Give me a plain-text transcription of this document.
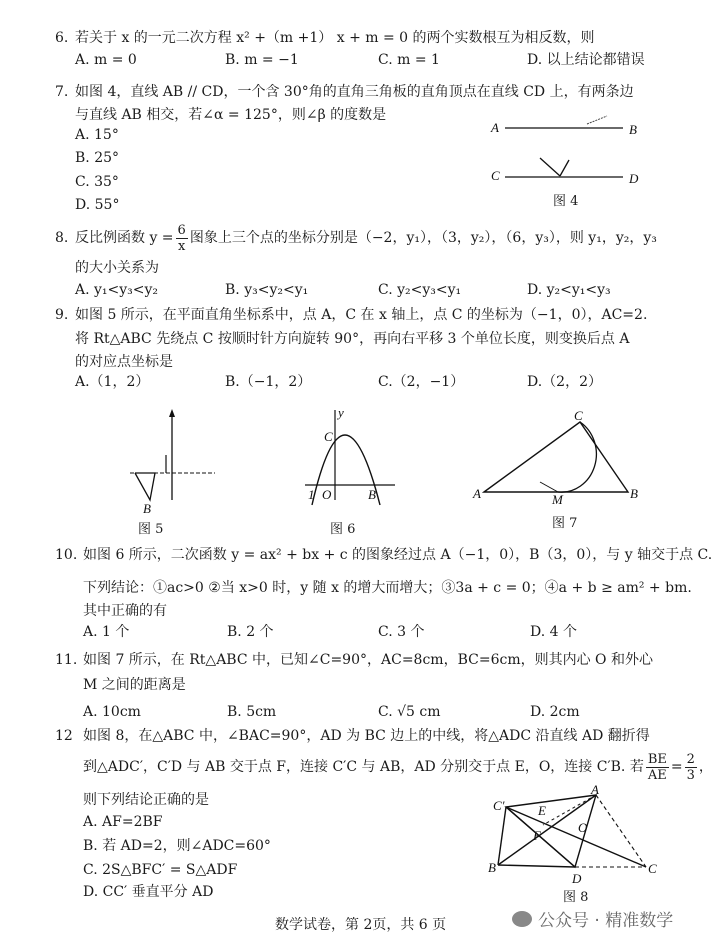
6. 若关于 x 的一元二次方程 x² +（m +1） x + m = 0 的两个实数根互为相反数，则
A. m = 0	B. m = −1	C. m = 1	D. 以上结论都错误
7. 如图 4，直线 AB // CD，一个含 30°角的直角三角板的直角顶点在直线 CD 上，有两条边
与直线 AB 相交，若∠α = 125°，则∠β 的度数是
A. 15°
B. 25°
C. 35°
D. 55°
A	B
C	D
图 4
8. 反比例函数 $y = \frac{6}{x}$ 图象上三个点的坐标分别是（−2，y₁），（3，y₂），（6，y₃），则 y₁，y₂，y₃
的大小关系为
A. y₁<y₃<y₂	B. y₃<y₂<y₁	C. y₂<y₃<y₁	D. y₂<y₁<y₃
9. 如图 5 所示，在平面直角坐标系中，点 A，C 在 x 轴上，点 C 的坐标为（−1，0），AC=2.
将 Rt△ABC 先绕点 C 按顺时针方向旋转 90°，再向右平移 3 个单位长度，则变换后点 A
的对应点坐标是
A.（1，2）	B.（−1，2）	C.（2，−1）	D.（2，2）
B
图 5
y
C
1 O	B
图 6
C
A	M	B
图 7
10. 如图 6 所示，二次函数 y = ax² + bx + c 的图象经过点 A（−1，0），B（3，0），与 y 轴交于点 C.
下列结论：①ac>0 ②当 x>0 时，y 随 x 的增大而增大；③3a + c = 0；④a + b ≥ am² + bm.
其中正确的有
A. 1 个	B. 2 个	C. 3 个	D. 4 个
11. 如图 7 所示，在 Rt△ABC 中，已知∠C=90°，AC=8cm，BC=6cm，则其内心 O 和外心
M 之间的距离是
A. 10cm	B. 5cm	C. √5 cm	D. 2cm
12 如图 8，在△ABC 中，∠BAC=90°，AD 为 BC 边上的中线，将△ADC 沿直线 AD 翻折得
到△ADC′，C′D 与 AB 交于点 F，连接 C′C 与 AB，AD 分别交于点 E，O，连接 C′B. 若 $\frac{BE}{AE} = \frac{2}{3}$ ，
则下列结论正确的是
A. AF=2BF
B. 若 AD=2，则∠ADC=60°
C. 2S△BFC′ = S△ADF
D. CC′ 垂直平分 AD
A
C′	E
O
F
B
D
C
图 8
数学试卷，第 2页，共 6 页	公众号 · 精准数学
